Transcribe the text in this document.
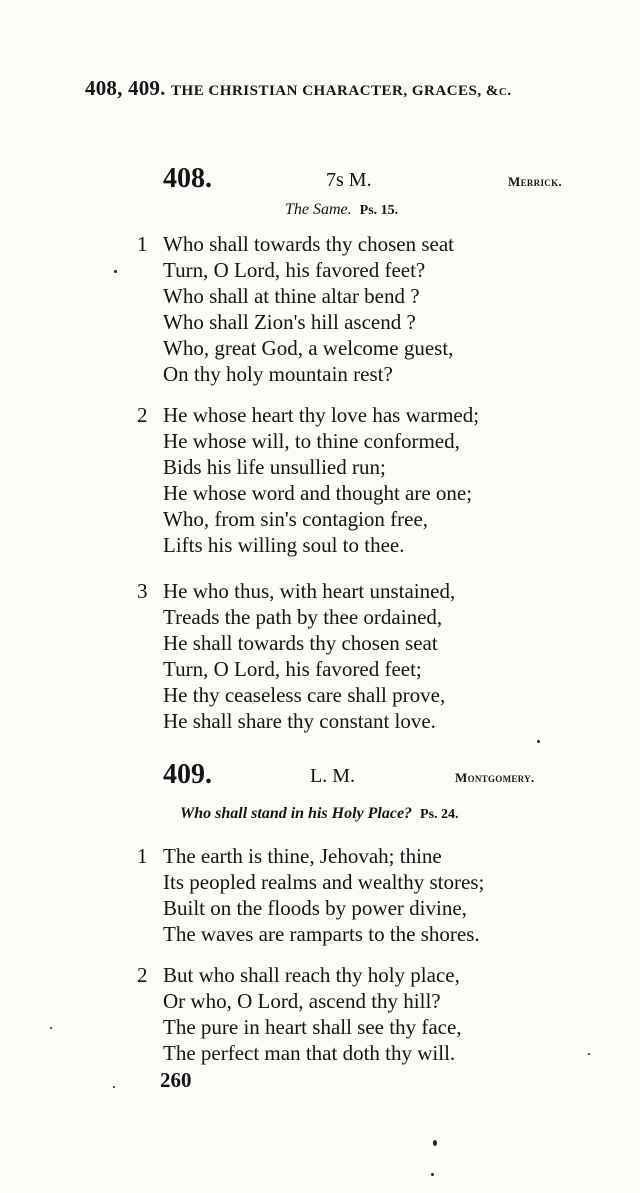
408, 409. THE CHRISTIAN CHARACTER, GRACES, &c.
408.	7s M.	Merrick.
The Same. Ps. 15.
1 Who shall towards thy chosen seat
Turn, O Lord, his favored feet?
Who shall at thine altar bend ?
Who shall Zion's hill ascend ?
Who, great God, a welcome guest,
On thy holy mountain rest?
2 He whose heart thy love has warmed;
He whose will, to thine conformed,
Bids his life unsullied run;
He whose word and thought are one;
Who, from sin's contagion free,
Lifts his willing soul to thee.
3 He who thus, with heart unstained,
Treads the path by thee ordained,
He shall towards thy chosen seat
Turn, O Lord, his favored feet;
He thy ceaseless care shall prove,
He shall share thy constant love.
409.	L. M.	Montgomery.
Who shall stand in his Holy Place? Ps. 24.
1 The earth is thine, Jehovah; thine
Its peopled realms and wealthy stores;
Built on the floods by power divine,
The waves are ramparts to the shores.
2 But who shall reach thy holy place,
Or who, O Lord, ascend thy hill?
The pure in heart shall see thy face,
The perfect man that doth thy will.
260
